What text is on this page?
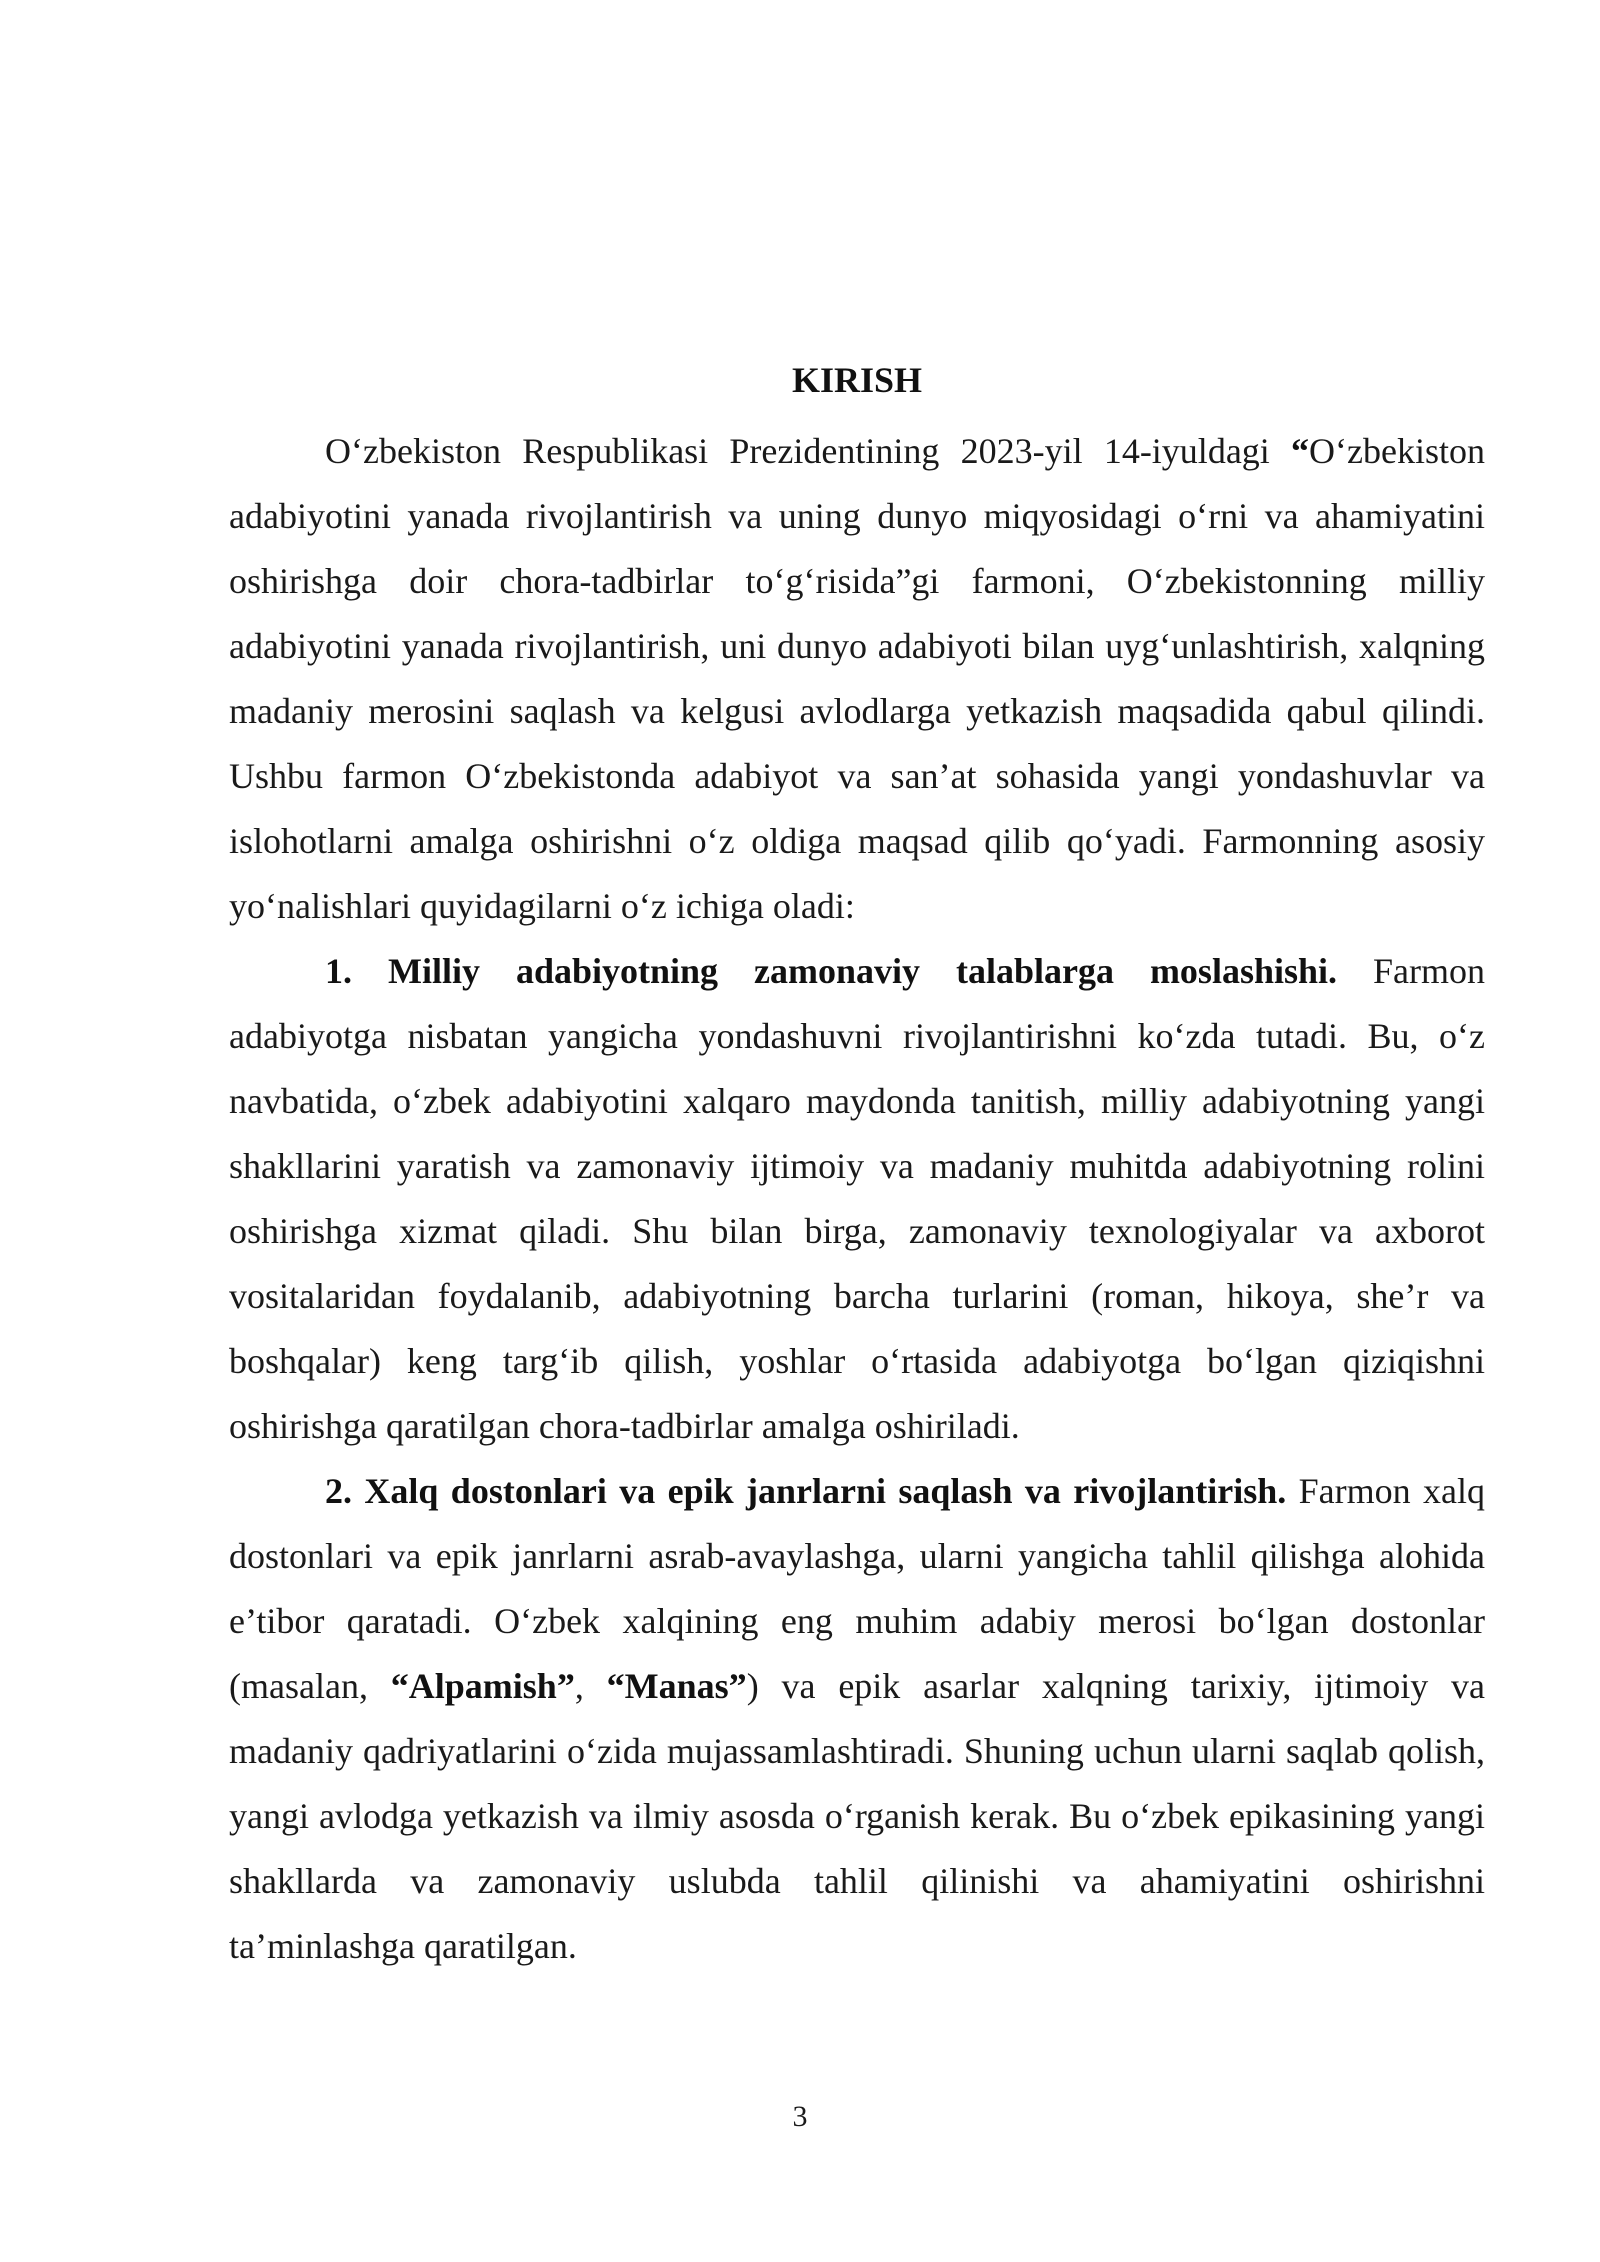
KIRISH

O‘zbekiston Respublikasi Prezidentining 2023-yil 14-iyuldagi “O‘zbekiston adabiyotini yanada rivojlantirish va uning dunyo miqyosidagi o‘rni va ahamiyatini oshirishga doir chora-tadbirlar to‘g‘risida”gi farmoni, O‘zbekistonning milliy adabiyotini yanada rivojlantirish, uni dunyo adabiyoti bilan uyg‘unlashtirish, xalqning madaniy merosini saqlash va kelgusi avlodlarga yetkazish maqsadida qabul qilindi. Ushbu farmon O‘zbekistonda adabiyot va san’at sohasida yangi yondashuvlar va islohotlarni amalga oshirishni o‘z oldiga maqsad qilib qo‘yadi. Farmonning asosiy yo‘nalishlari quyidagilarni o‘z ichiga oladi:

1. Milliy adabiyotning zamonaviy talablarga moslashishi. Farmon adabiyotga nisbatan yangicha yondashuvni rivojlantirishni ko‘zda tutadi. Bu, o‘z navbatida, o‘zbek adabiyotini xalqaro maydonda tanitish, milliy adabiyotning yangi shakllarini yaratish va zamonaviy ijtimoiy va madaniy muhitda adabiyotning rolini oshirishga xizmat qiladi. Shu bilan birga, zamonaviy texnologiyalar va axborot vositalaridan foydalanib, adabiyotning barcha turlarini (roman, hikoya, she’r va boshqalar) keng targ‘ib qilish, yoshlar o‘rtasida adabiyotga bo‘lgan qiziqishni oshirishga qaratilgan chora-tadbirlar amalga oshiriladi.

2. Xalq dostonlari va epik janrlarni saqlash va rivojlantirish. Farmon xalq dostonlari va epik janrlarni asrab-avaylashga, ularni yangicha tahlil qilishga alohida e’tibor qaratadi. O‘zbek xalqining eng muhim adabiy merosi bo‘lgan dostonlar (masalan, “Alpamish”, “Manas”) va epik asarlar xalqning tarixiy, ijtimoiy va madaniy qadriyatlarini o‘zida mujassamlashtiradi. Shuning uchun ularni saqlab qolish, yangi avlodga yetkazish va ilmiy asosda o‘rganish kerak. Bu o‘zbek epikasining yangi shakllarda va zamonaviy uslubda tahlil qilinishi va ahamiyatini oshirishni ta’minlashga qaratilgan.

3
